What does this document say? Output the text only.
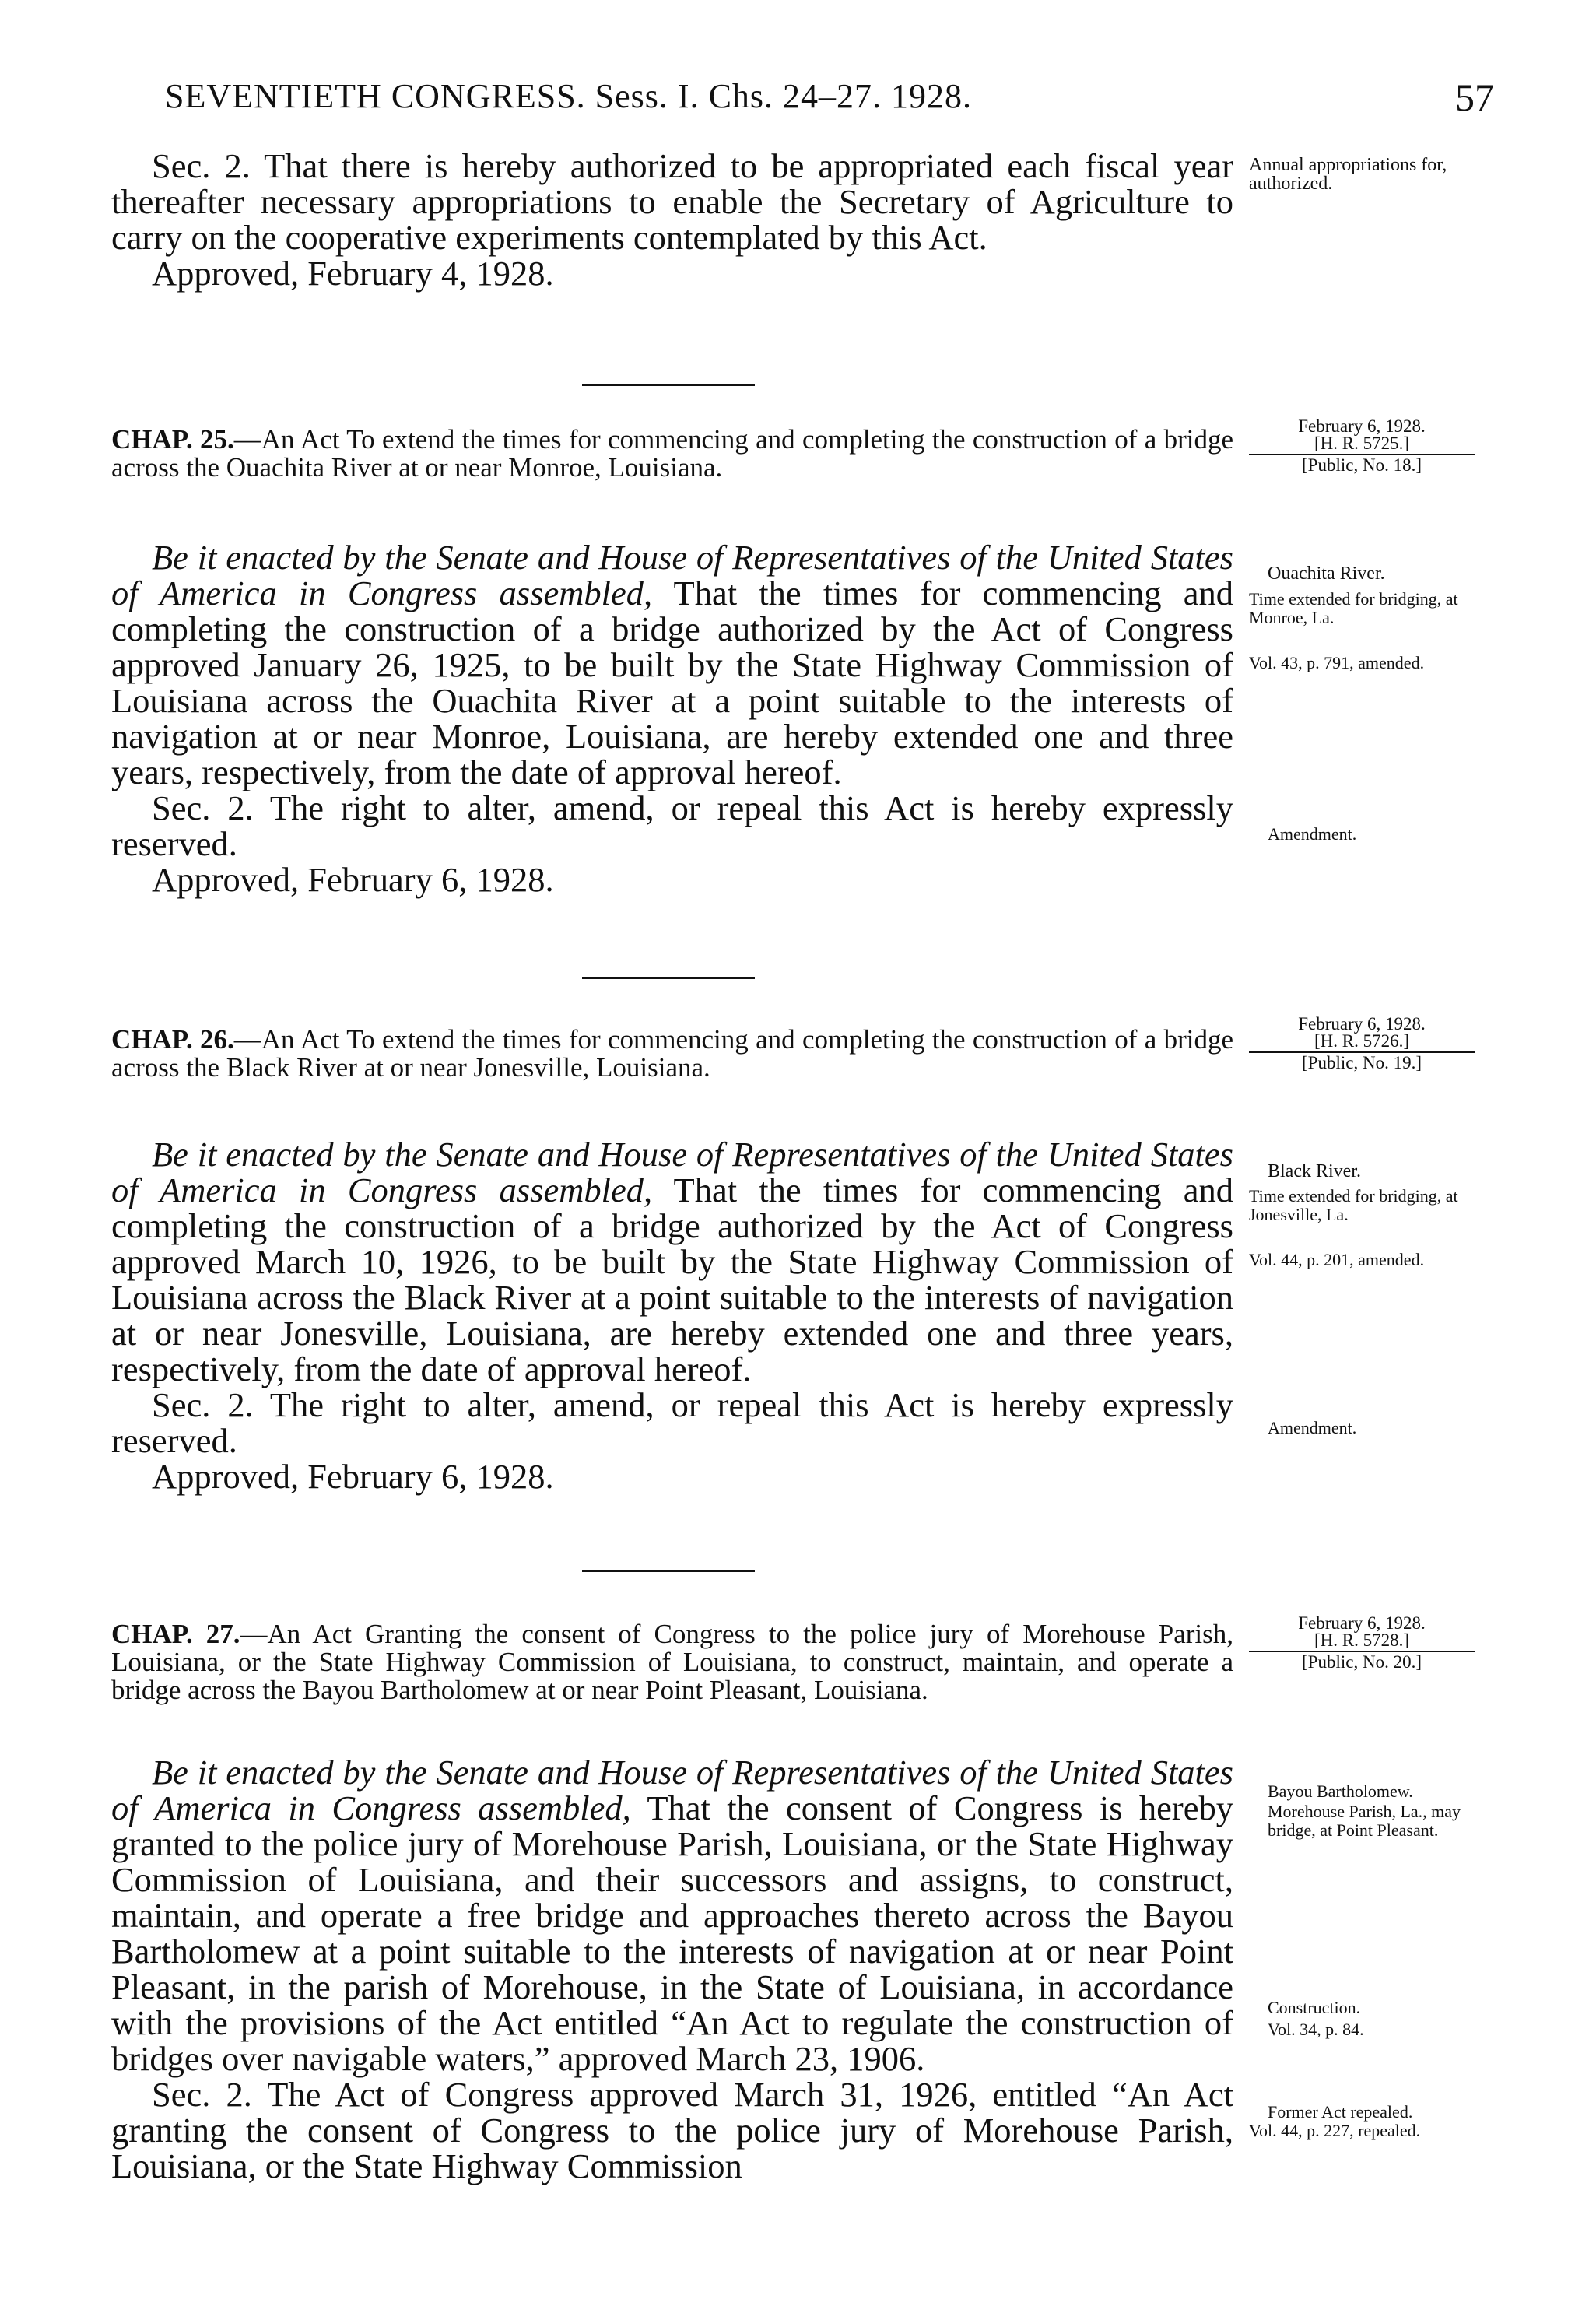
SEVENTIETH CONGRESS. Sess. I. Chs. 24–27. 1928.	57

Sec. 2. That there is hereby authorized to be appropriated each fiscal year thereafter necessary appropriations to enable the Secretary of Agriculture to carry on the cooperative experiments contemplated by this Act.

Approved, February 4, 1928.

Annual appropriations for, authorized.
CHAP. 25.—An Act To extend the times for commencing and completing the construction of a bridge across the Ouachita River at or near Monroe, Louisiana.
February 6, 1928.
[H. R. 5725.]
[Public, No. 18.]

Be it enacted by the Senate and House of Representatives of the United States of America in Congress assembled, That the times for commencing and completing the construction of a bridge authorized by the Act of Congress approved January 26, 1925, to be built by the State Highway Commission of Louisiana across the Ouachita River at a point suitable to the interests of navigation at or near Monroe, Louisiana, are hereby extended one and three years, respectively, from the date of approval hereof.

Sec. 2. The right to alter, amend, or repeal this Act is hereby expressly reserved.

Approved, February 6, 1928.

Ouachita River.
Time extended for bridging, at Monroe, La.
Vol. 43, p. 791, amended.
Amendment.
CHAP. 26.—An Act To extend the times for commencing and completing the construction of a bridge across the Black River at or near Jonesville, Louisiana.
February 6, 1928.
[H. R. 5726.]
[Public, No. 19.]

Be it enacted by the Senate and House of Representatives of the United States of America in Congress assembled, That the times for commencing and completing the construction of a bridge authorized by the Act of Congress approved March 10, 1926, to be built by the State Highway Commission of Louisiana across the Black River at a point suitable to the interests of navigation at or near Jonesville, Louisiana, are hereby extended one and three years, respectively, from the date of approval hereof.

Sec. 2. The right to alter, amend, or repeal this Act is hereby expressly reserved.

Approved, February 6, 1928.

Black River.
Time extended for bridging, at Jonesville, La.
Vol. 44, p. 201, amended.
Amendment.
CHAP. 27.—An Act Granting the consent of Congress to the police jury of Morehouse Parish, Louisiana, or the State Highway Commission of Louisiana, to construct, maintain, and operate a bridge across the Bayou Bartholomew at or near Point Pleasant, Louisiana.
February 6, 1928.
[H. R. 5728.]
[Public, No. 20.]

Be it enacted by the Senate and House of Representatives of the United States of America in Congress assembled, That the consent of Congress is hereby granted to the police jury of Morehouse Parish, Louisiana, or the State Highway Commission of Louisiana, and their successors and assigns, to construct, maintain, and operate a free bridge and approaches thereto across the Bayou Bartholomew at a point suitable to the interests of navigation at or near Point Pleasant, in the parish of Morehouse, in the State of Louisiana, in accordance with the provisions of the Act entitled “An Act to regulate the construction of bridges over navigable waters,” approved March 23, 1906.

Sec. 2. The Act of Congress approved March 31, 1926, entitled “An Act granting the consent of Congress to the police jury of Morehouse Parish, Louisiana, or the State Highway Commission

Bayou Bartholomew.
Morehouse Parish, La., may bridge, at Point Pleasant.
Construction.
Vol. 34, p. 84.
Former Act repealed.
Vol. 44, p. 227, repealed.
